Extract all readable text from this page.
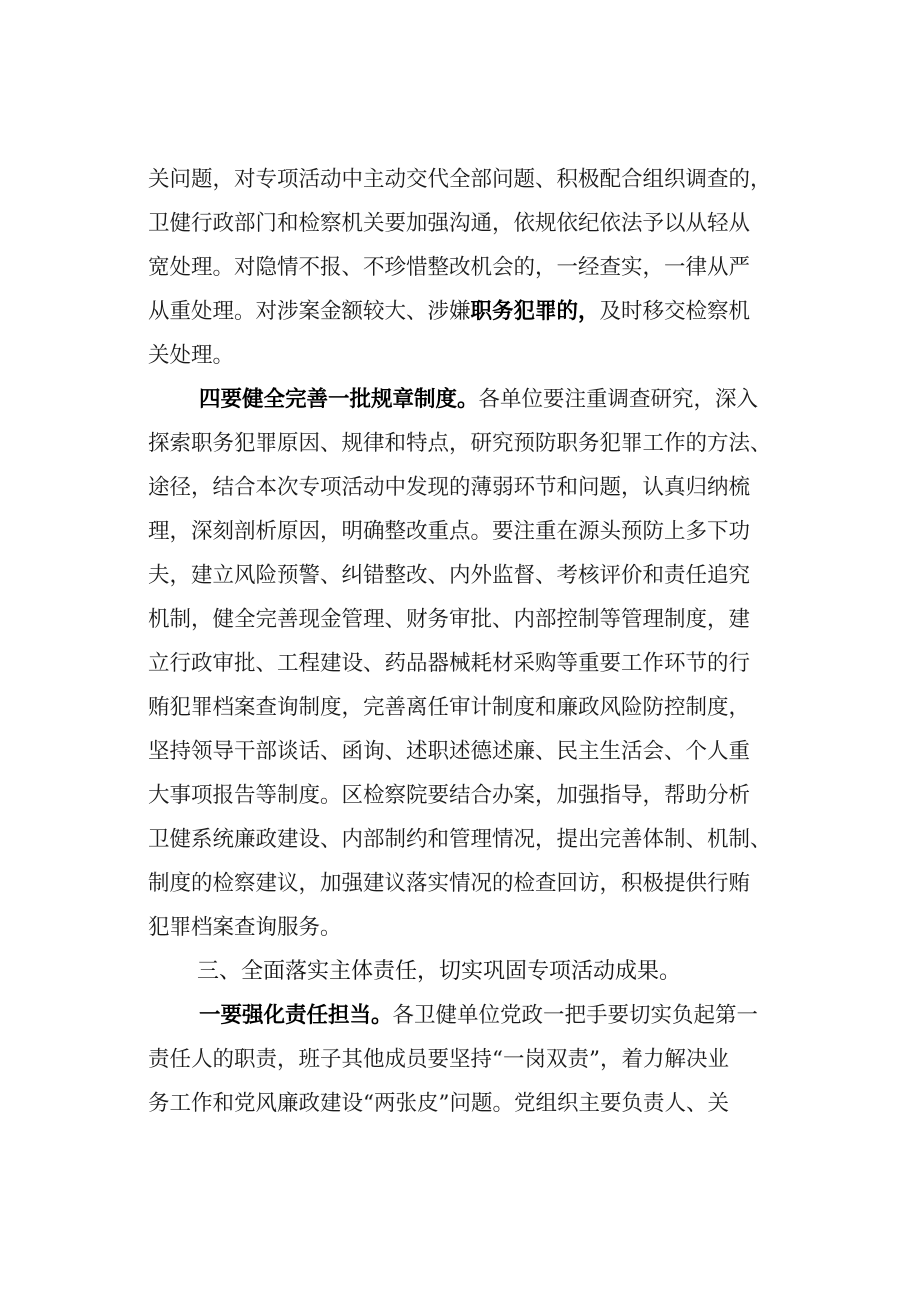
关问题，对专项活动中主动交代全部问题、积极配合组织调查的，
卫健行政部门和检察机关要加强沟通，依规依纪依法予以从轻从
宽处理。对隐情不报、不珍惜整改机会的，一经查实，一律从严
从重处理。对涉案金额较大、涉嫌职务犯罪的，及时移交检察机
关处理。
四要健全完善一批规章制度。各单位要注重调查研究，深入
探索职务犯罪原因、规律和特点，研究预防职务犯罪工作的方法、
途径，结合本次专项活动中发现的薄弱环节和问题，认真归纳梳
理，深刻剖析原因，明确整改重点。要注重在源头预防上多下功
夫，建立风险预警、纠错整改、内外监督、考核评价和责任追究
机制，健全完善现金管理、财务审批、内部控制等管理制度，建
立行政审批、工程建设、药品器械耗材采购等重要工作环节的行
贿犯罪档案查询制度，完善离任审计制度和廉政风险防控制度，
坚持领导干部谈话、函询、述职述德述廉、民主生活会、个人重
大事项报告等制度。区检察院要结合办案，加强指导，帮助分析
卫健系统廉政建设、内部制约和管理情况，提出完善体制、机制、
制度的检察建议，加强建议落实情况的检查回访，积极提供行贿
犯罪档案查询服务。
三、全面落实主体责任，切实巩固专项活动成果。
一要强化责任担当。各卫健单位党政一把手要切实负起第一
责任人的职责，班子其他成员要坚持“一岗双责”，着力解决业
务工作和党风廉政建设“两张皮”问题。党组织主要负责人、关
